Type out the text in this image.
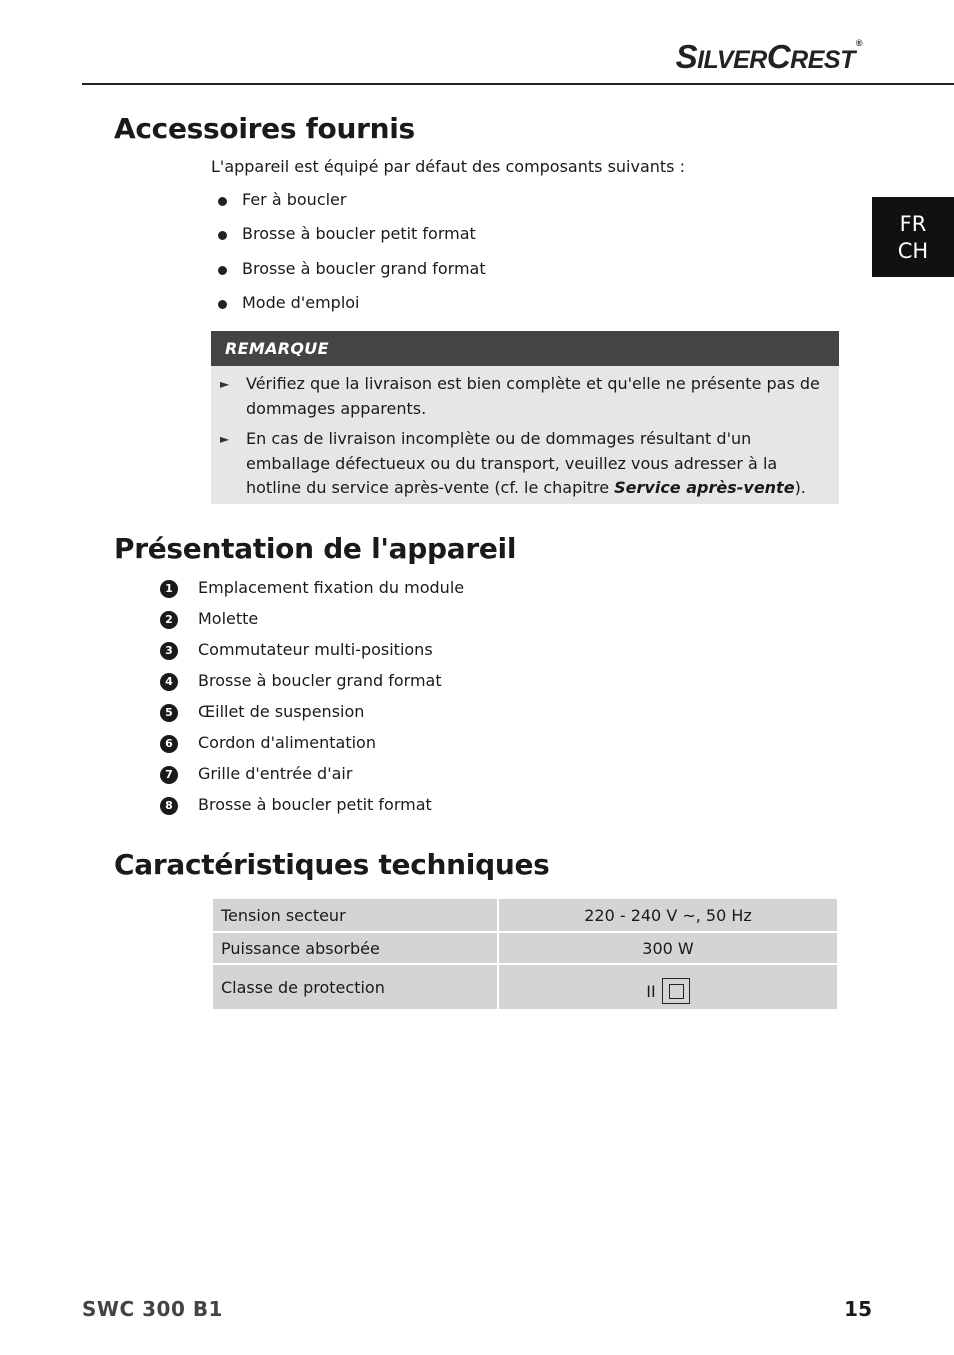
SILVERCREST®
FR
CH
Accessoires fournis

L'appareil est équipé par défaut des composants suivants :

Fer à boucler
Brosse à boucler petit format
Brosse à boucler grand format
Mode d'emploi
REMARQUE
► Vérifiez que la livraison est bien complète et qu'elle ne présente pas de dommages apparents.
► En cas de livraison incomplète ou de dommages résultant d'un emballage défectueux ou du transport, veuillez vous adresser à la hotline du service après-vente (cf. le chapitre Service après-vente).
Présentation de l'appareil
1	Emplacement fixation du module
2	Molette
3	Commutateur multi-positions
4	Brosse à boucler grand format
5	Œillet de suspension
6	Cordon d'alimentation
7	Grille d'entrée d'air
8	Brosse à boucler petit format
Caractéristiques techniques
Tension secteur	220 - 240 V ~, 50 Hz
Puissance absorbée	300 W
Classe de protection	II
SWC 300 B1	15
